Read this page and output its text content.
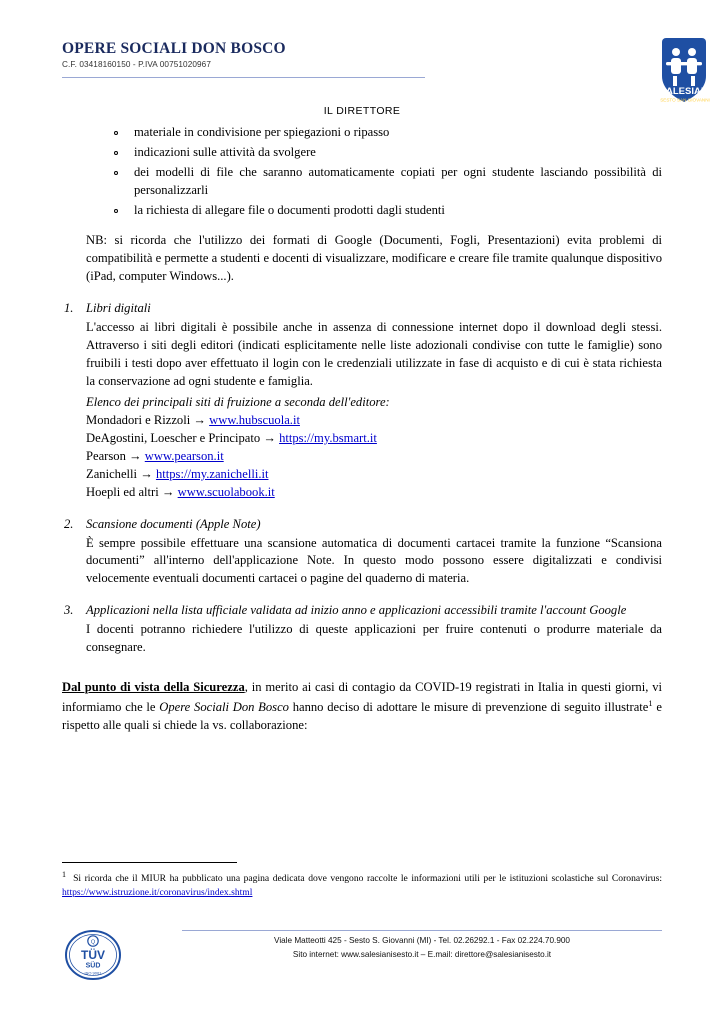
OPERE SOCIALI DON BOSCO
C.F. 03418160150 - P.IVA 00751020967
SALESIANI
SESTO SAN GIOVANNI
IL DIRETTORE
materiale in condivisione per spiegazioni o ripasso
indicazioni sulle attività da svolgere
dei modelli di file che saranno automaticamente copiati per ogni studente lasciando possibilità di personalizzarli
la richiesta di allegare file o documenti prodotti dagli studenti
NB: si ricorda che l'utilizzo dei formati di Google (Documenti, Fogli, Presentazioni) evita problemi di compatibilità e permette a studenti e docenti di visualizzare, modificare e creare file tramite qualunque dispositivo (iPad, computer Windows...).
Libri digitali
L'accesso ai libri digitali è possibile anche in assenza di connessione internet dopo il download degli stessi. Attraverso i siti degli editori (indicati esplicitamente nelle liste adozionali condivise con tutte le famiglie) sono fruibili i testi dopo aver effettuato il login con le credenziali utilizzate in fase di acquisto e di cui è stata richiesta la conservazione ad ogni studente e famiglia.
Elenco dei principali siti di fruizione a seconda dell'editore:
Mondadori e Rizzoli → www.hubscuola.it
DeAgostini, Loescher e Principato → https://my.bsmart.it
Pearson → www.pearson.it
Zanichelli → https://my.zanichelli.it
Hoepli ed altri → www.scuolabook.it
Scansione documenti (Apple Note)
È sempre possibile effettuare una scansione automatica di documenti cartacei tramite la funzione “Scansiona documenti” all'interno dell'applicazione Note. In questo modo possono essere digitalizzati e condivisi velocemente eventuali documenti cartacei o pagine del quaderno di materia.
Applicazioni nella lista ufficiale validata ad inizio anno e applicazioni accessibili tramite l'account Google
I docenti potranno richiedere l'utilizzo di queste applicazioni per fruire contenuti o produrre materiale da consegnare.

Dal punto di vista della Sicurezza, in merito ai casi di contagio da COVID-19 registrati in Italia in questi giorni, vi informiamo che le Opere Sociali Don Bosco hanno deciso di adottare le misure di prevenzione di seguito illustrate$^1$ e rispetto alle quali si chiede la vs. collaborazione:

$^1$ Si ricorda che il MIUR ha pubblicato una pagina dedicata dove vengono raccolte le informazioni utili per le istituzioni scolastiche sul Coronavirus: https://www.istruzione.it/coronavirus/index.shtml
Q
TÜV
SÜD
ISO 9001
Viale Matteotti 425 - Sesto S. Giovanni (MI) - Tel. 02.26292.1 - Fax 02.224.70.900
Sito internet: www.salesianisesto.it – E.mail: direttore@salesianisesto.it
